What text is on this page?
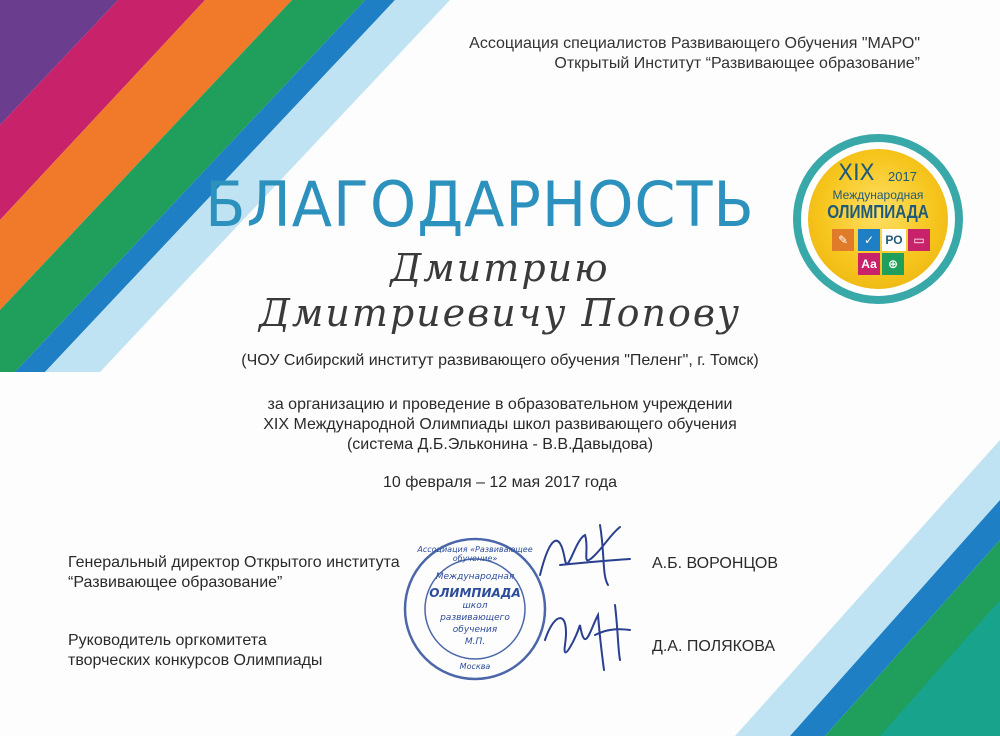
Ассоциация специалистов Развивающего Обучения "МАРО"
Открытый Институт “Развивающее образование”
XIX 2017
Международная
ОЛИМПИАДА
✎	✓ РО ▭
Аа ⊕
БЛАГОДАРНОСТЬ
Дмитрию
Дмитриевичу Попову
(ЧОУ Сибирский институт развивающего обучения "Пеленг", г. Томск)
за организацию и проведение в образовательном учреждении
XIX Международной Олимпиады школ развивающего обучения
(система Д.Б.Эльконина - В.В.Давыдова)
10 февраля – 12 мая 2017 года
Генеральный директор Открытого института
“Развивающее образование”
А.Б. ВОРОНЦОВ
Руководитель оргкомитета
творческих конкурсов Олимпиады
Д.А. ПОЛЯКОВА
Международная
ОЛИМПИАДА
школ
развивающего
обучения
М.П.
Ассоциация «Развивающее обучение»
Москва
